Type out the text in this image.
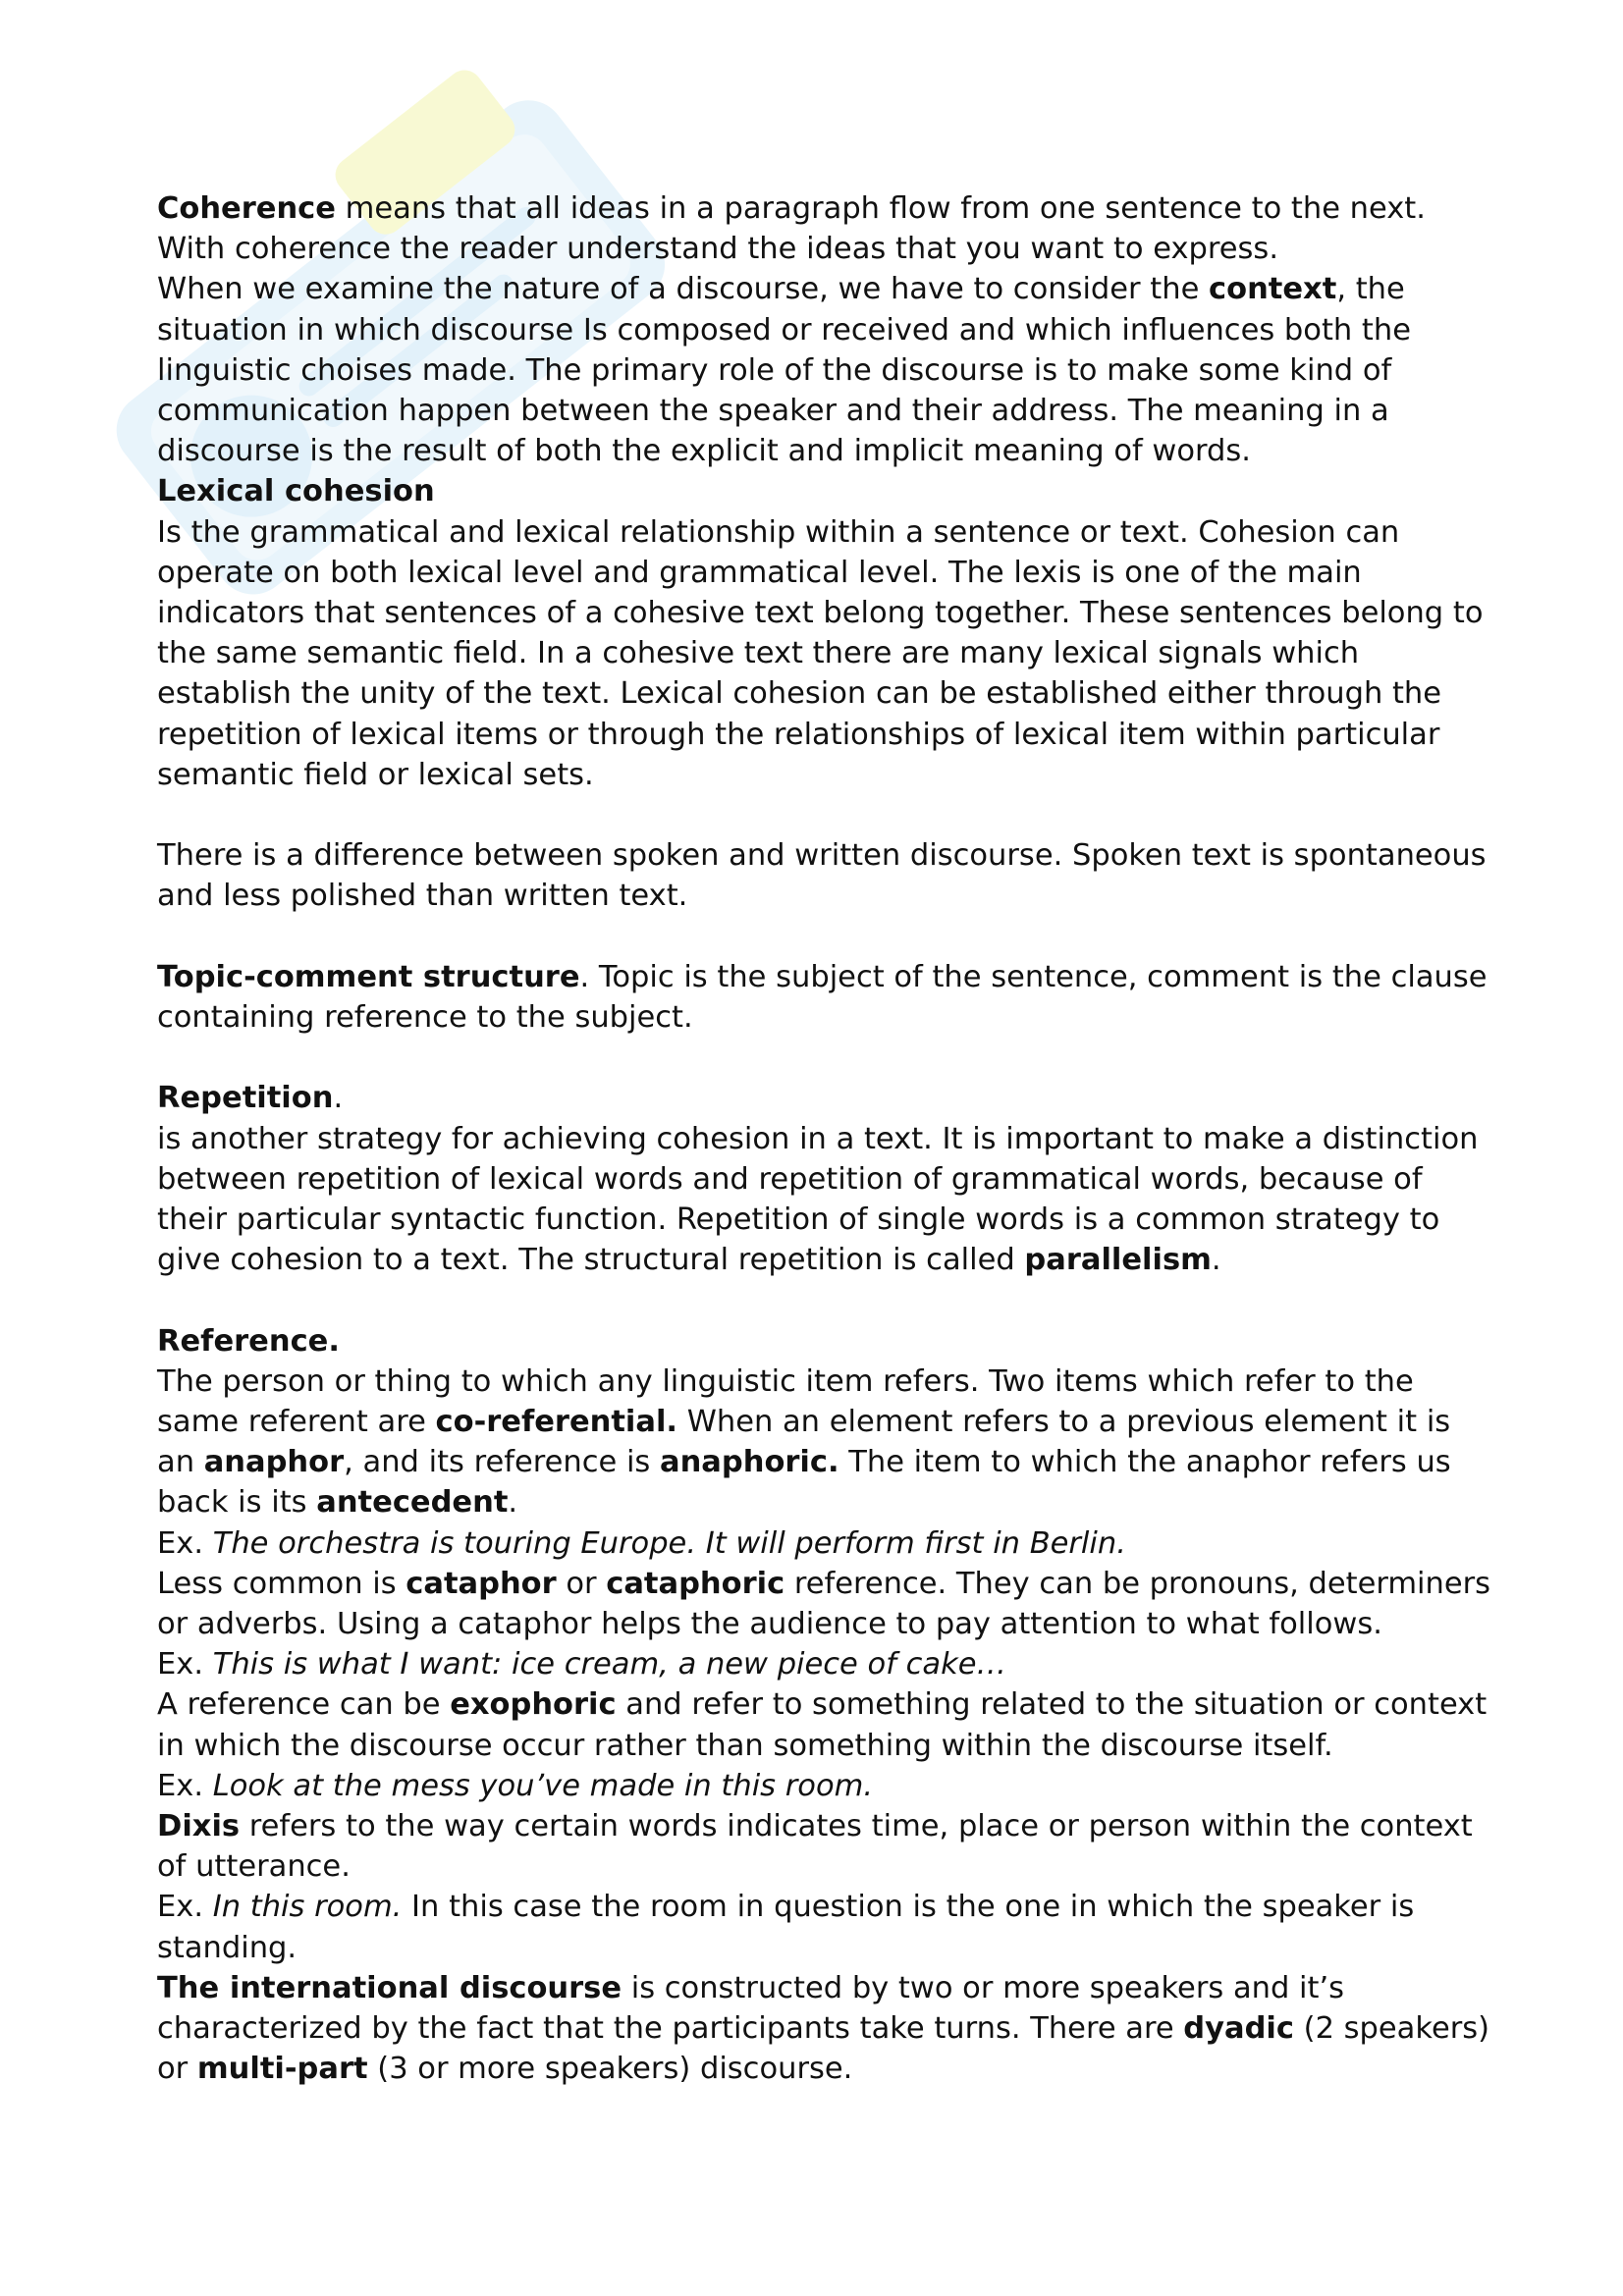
Coherence means that all ideas in a paragraph flow from one sentence to the next. With coherence the reader understand the ideas that you want to express.

When we examine the nature of a discourse, we have to consider the context, the situation in which discourse Is composed or received and which influences both the linguistic choises made. The primary role of the discourse is to make some kind of communication happen between the speaker and their address. The meaning in a discourse is the result of both the explicit and implicit meaning of words.

Lexical cohesion

Is the grammatical and lexical relationship within a sentence or text. Cohesion can operate on both lexical level and grammatical level. The lexis is one of the main indicators that sentences of a cohesive text belong together. These sentences belong to the same semantic field. In a cohesive text there are many lexical signals which establish the unity of the text. Lexical cohesion can be established either through the repetition of lexical items or through the relationships of lexical item within particular semantic field or lexical sets.

There is a difference between spoken and written discourse. Spoken text is spontaneous and less polished than written text.

Topic-comment structure. Topic is the subject of the sentence, comment is the clause containing reference to the subject.

Repetition.

is another strategy for achieving cohesion in a text. It is important to make a distinction between repetition of lexical words and repetition of grammatical words, because of their particular syntactic function. Repetition of single words is a common strategy to give cohesion to a text. The structural repetition is called parallelism.

Reference.

The person or thing to which any linguistic item refers. Two items which refer to the same referent are co-referential. When an element refers to a previous element it is an anaphor, and its reference is anaphoric. The item to which the anaphor refers us back is its antecedent.

Ex. The orchestra is touring Europe. It will perform first in Berlin.

Less common is cataphor or cataphoric reference. They can be pronouns, determiners or adverbs. Using a cataphor helps the audience to pay attention to what follows.

Ex. This is what I want: ice cream, a new piece of cake…

A reference can be exophoric and refer to something related to the situation or context in which the discourse occur rather than something within the discourse itself.

Ex. Look at the mess you’ve made in this room.

Dixis refers to the way certain words indicates time, place or person within the context of utterance.

Ex. In this room. In this case the room in question is the one in which the speaker is standing.

The international discourse is constructed by two or more speakers and it’s characterized by the fact that the participants take turns. There are dyadic (2 speakers) or multi-part (3 or more speakers) discourse.
